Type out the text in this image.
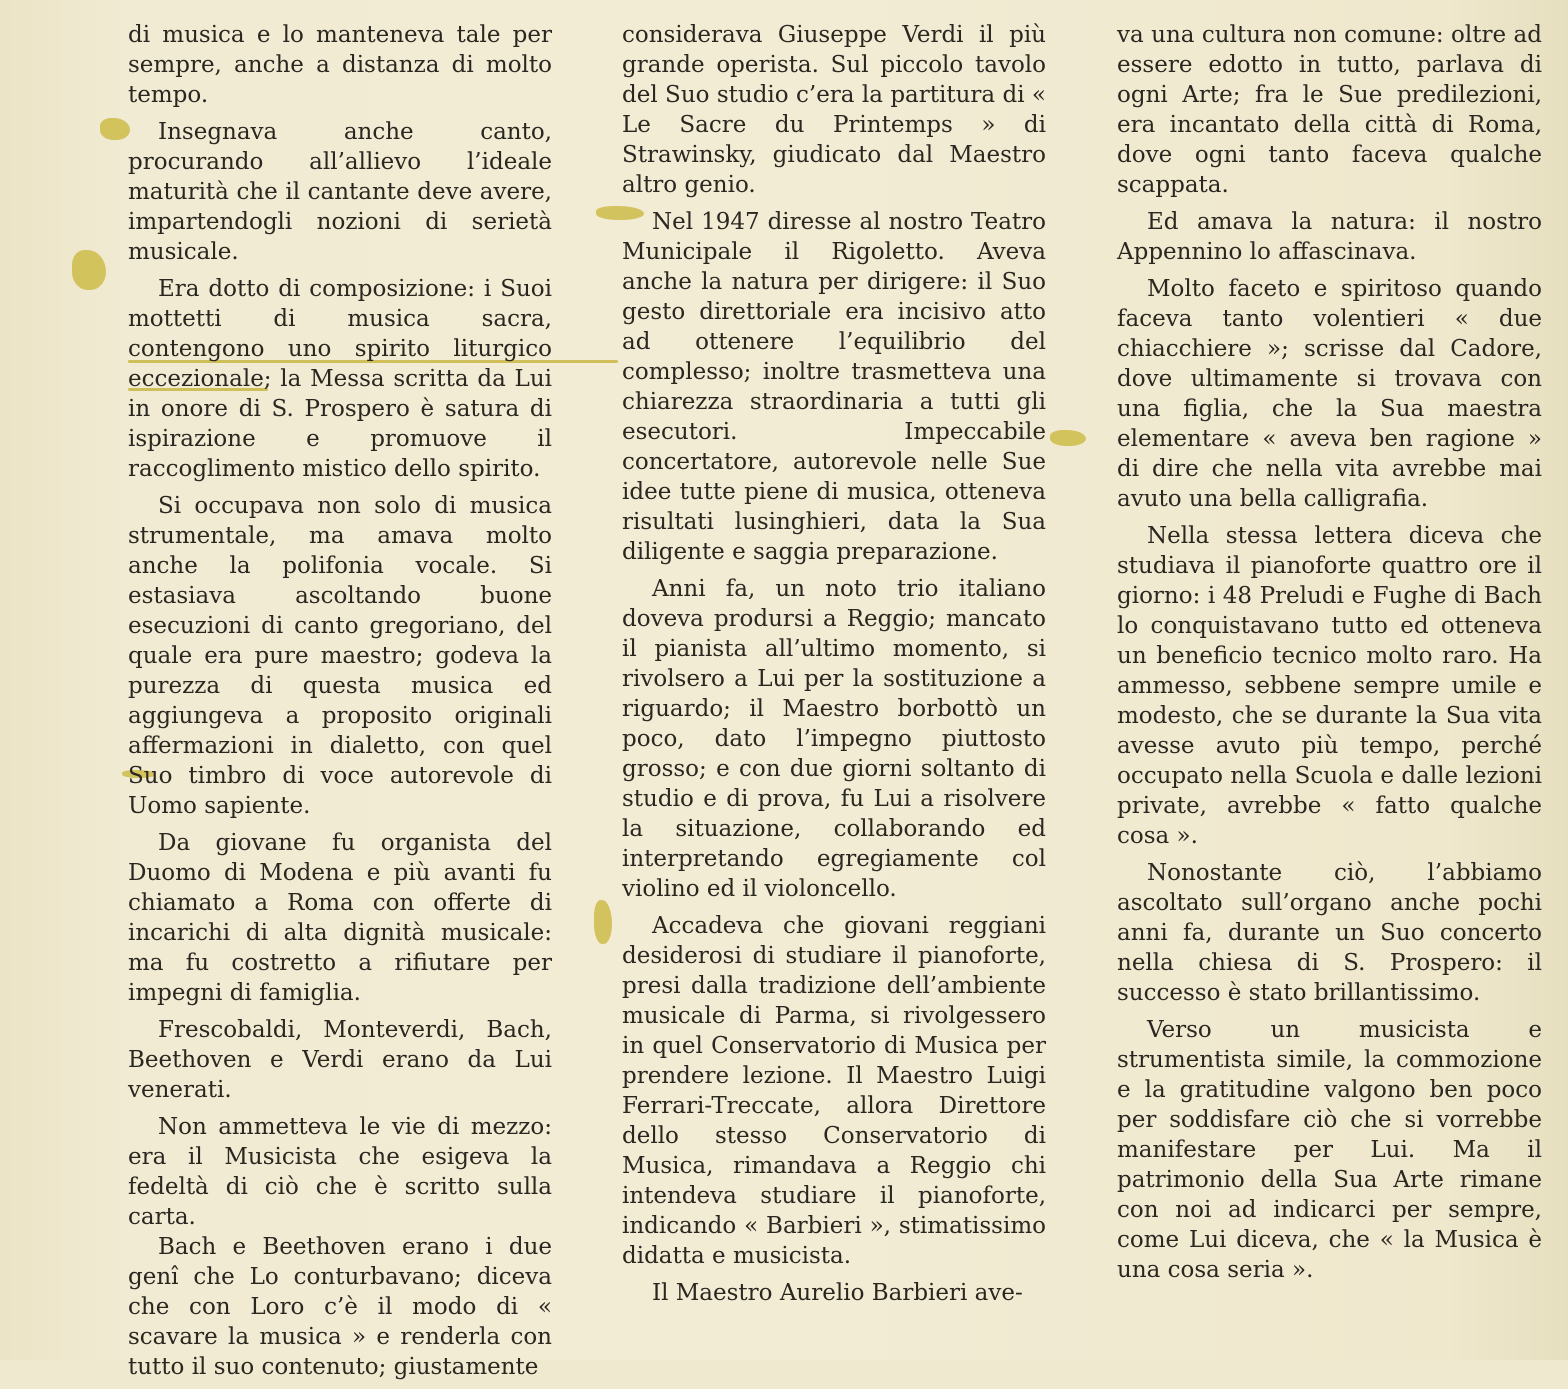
di musica e lo manteneva tale per sempre, anche a distanza di molto tempo.

Insegnava anche canto, procurando all’allievo l’ideale maturità che il cantante deve avere, impartendogli nozioni di serietà musicale.

Era dotto di composizione: i Suoi mottetti di musica sacra, contengono uno spirito liturgico eccezionale; la Messa scritta da Lui in onore di S. Prospero è satura di ispirazione e promuove il raccoglimento mistico dello spirito.

Si occupava non solo di musica strumentale, ma amava molto anche la polifonia vocale. Si estasiava ascoltando buone esecuzioni di canto gregoriano, del quale era pure maestro; godeva la purezza di questa musica ed aggiungeva a proposito originali affermazioni in dialetto, con quel Suo timbro di voce autorevole di Uomo sapiente.

Da giovane fu organista del Duomo di Modena e più avanti fu chiamato a Roma con offerte di incarichi di alta dignità musicale: ma fu costretto a rifiutare per impegni di famiglia.

Frescobaldi, Monteverdi, Bach, Beethoven e Verdi erano da Lui venerati.

Non ammetteva le vie di mezzo: era il Musicista che esigeva la fedeltà di ciò che è scritto sulla carta.

Bach e Beethoven erano i due genî che Lo conturbavano; diceva che con Loro c’è il modo di « scavare la musica » e renderla con tutto il suo contenuto; giustamente

considerava Giuseppe Verdi il più grande operista. Sul piccolo tavolo del Suo studio c’era la partitura di « Le Sacre du Printemps » di Strawinsky, giudicato dal Maestro altro genio.

Nel 1947 diresse al nostro Teatro Municipale il Rigoletto. Aveva anche la natura per dirigere: il Suo gesto direttoriale era incisivo atto ad ottenere l’equilibrio del complesso; inoltre trasmetteva una chiarezza straordinaria a tutti gli esecutori. Impeccabile concertatore, autorevole nelle Sue idee tutte piene di musica, otteneva risultati lusinghieri, data la Sua diligente e saggia preparazione.

Anni fa, un noto trio italiano doveva prodursi a Reggio; mancato il pianista all’ultimo momento, si rivolsero a Lui per la sostituzione a riguardo; il Maestro borbottò un poco, dato l’impegno piuttosto grosso; e con due giorni soltanto di studio e di prova, fu Lui a risolvere la situazione, collaborando ed interpretando egregiamente col violino ed il violoncello.

Accadeva che giovani reggiani desiderosi di studiare il pianoforte, presi dalla tradizione dell’ambiente musicale di Parma, si rivolgessero in quel Conservatorio di Musica per prendere lezione. Il Maestro Luigi Ferrari-Treccate, allora Direttore dello stesso Conservatorio di Musica, rimandava a Reggio chi intendeva studiare il pianoforte, indicando « Barbieri », stimatissimo didatta e musicista.

Il Maestro Aurelio Barbieri ave-

va una cultura non comune: oltre ad essere edotto in tutto, parlava di ogni Arte; fra le Sue predilezioni, era incantato della città di Roma, dove ogni tanto faceva qualche scappata.

Ed amava la natura: il nostro Appennino lo affascinava.

Molto faceto e spiritoso quando faceva tanto volentieri « due chiacchiere »; scrisse dal Cadore, dove ultimamente si trovava con una figlia, che la Sua maestra elementare « aveva ben ragione » di dire che nella vita avrebbe mai avuto una bella calligrafia.

Nella stessa lettera diceva che studiava il pianoforte quattro ore il giorno: i 48 Preludi e Fughe di Bach lo conquistavano tutto ed otteneva un beneficio tecnico molto raro. Ha ammesso, sebbene sempre umile e modesto, che se durante la Sua vita avesse avuto più tempo, perché occupato nella Scuola e dalle lezioni private, avrebbe « fatto qualche cosa ».

Nonostante ciò, l’abbiamo ascoltato sull’organo anche pochi anni fa, durante un Suo concerto nella chiesa di S. Prospero: il successo è stato brillantissimo.

Verso un musicista e strumentista simile, la commozione e la gratitudine valgono ben poco per soddisfare ciò che si vorrebbe manifestare per Lui. Ma il patrimonio della Sua Arte rimane con noi ad indicarci per sempre, come Lui diceva, che « la Musica è una cosa seria ».
